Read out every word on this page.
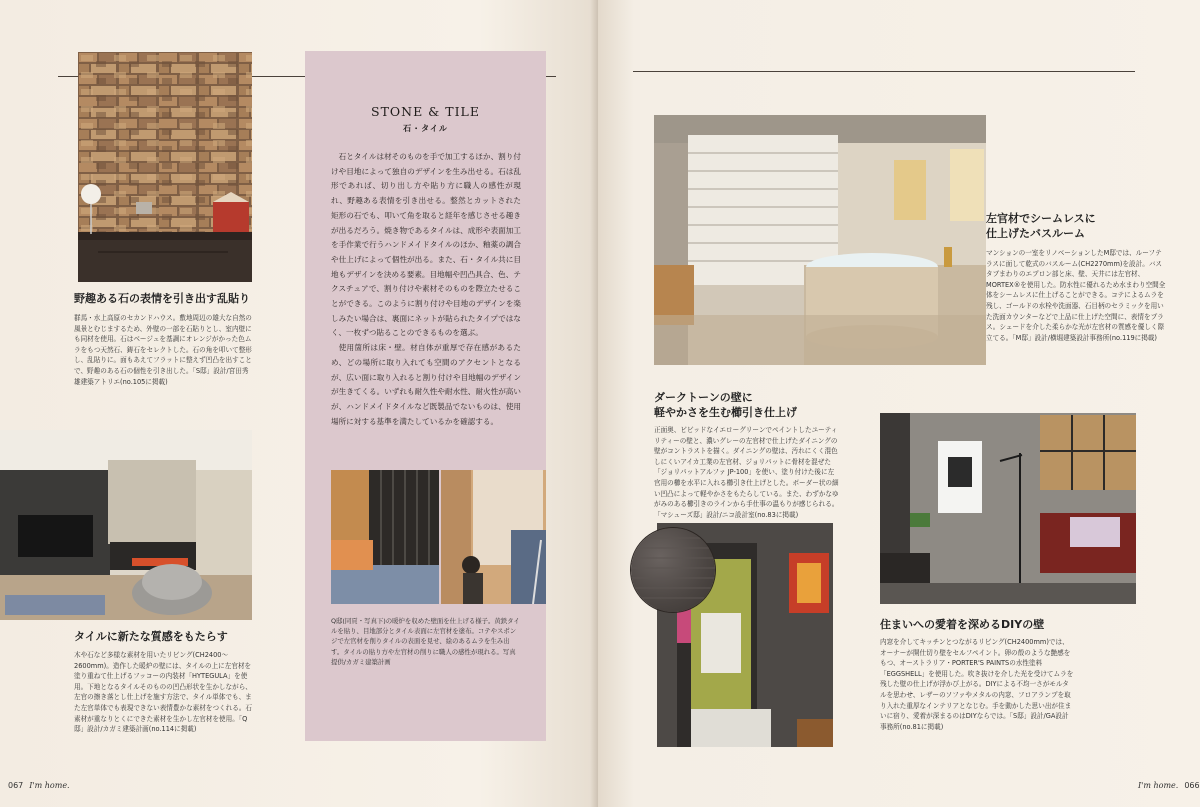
野趣ある石の表情を引き出す乱貼り
群馬・水上高原のセカンドハウス。敷地周辺の雄大な自然の風景とむじまするため、外壁の一部を石貼りとし、室内壁にも同材を使用。石はベージュを基調にオレンジがかった色ムラをもつ天然石、鋳石をセレクトした。石の角を叩いて整形し、乱貼りに。面もあえてフラットに整えず凹凸を出すことで、野趣のある石の個性を引き出した。「S邸」設計/宮田秀雄建築アトリエ(no.105に掲載)
タイルに新たな質感をもたらす
木や石など多様な素材を用いたリビング(CH2400〜2600mm)。造作した暖炉の壁には、タイルの上に左官材を塗り重ねて仕上げるフッコーの内装材「HYTEGULA」を使用。下地となるタイルそのものの凹凸形状を生かしながら、左官の擦き落とし仕上げを施す方法で、タイル単体でも、また左官単体でも表現できない表情豊かな素材をつくれる。石素材が重なりとくにできた素材を生かし左官材を使用。「Q邸」設計/カガミ建築計画(no.114に掲載)
STONE & TILE
石・タイル
石とタイルは材そのものを手で加工するほか、割り付けや目地によって独自のデザインを生み出せる。石は乱形であれば、切り出し方や貼り方に職人の感性が現れ、野趣ある表情を引き出せる。整然とカットされた矩形の石でも、叩いて角を取ると経年を感じさせる趣きが出るだろう。焼き物であるタイルは、成形や表面加工を手作業で行うハンドメイドタイルのほか、釉薬の調合や仕上げによって個性が出る。また、石・タイル共に目地もデザインを決める要素。目地幅や凹凸具合、色、テクスチュアで、割り付けや素材そのものを際立たせることができる。このように割り付けや目地のデザインを楽しみたい場合は、裏面にネットが貼られたタイプではなく、一枚ずつ貼ることのできるものを選ぶ。
使用箇所は床・壁。材自体が重厚で存在感があるため、どの場所に取り入れても空間のアクセントとなるが、広い面に取り入れると割り付けや目地幅のデザインが生きてくる。いずれも耐久性や耐水性、耐火性が高いが、ハンドメイドタイルなど既製品でないものは、使用場所に対する基準を満たしているかを確認する。
Q邸(同頁・写真下)の暖炉を収めた壁面を仕上げる様子。黄鉄タイルを貼り、目地部分とタイル表面に左官材を塗布。コテやスポンジで左官材を削りタイルの表面を見せ、絵のあるムラを生み出す。タイルの貼り方や左官材の削りに職人の感性が現れる。写真提供/カガミ建築計画
067 I'm home.
左官材でシームレスに
仕上げたバスルーム
マンションの一室をリノベーションしたM邸では、ルーフテラスに面して乾式のバスルーム(CH2270mm)を設計。バスタブまわりのエプロン部と床、壁、天井には左官材、MORTEX®を使用した。防水性に優れるため水まわり空間全体をシームレスに仕上げることができる。コテによるムラを残し、ゴールドの水栓や洗面器、石目柄のセラミックを用いた洗面カウンターなどで上品に仕上げた空間に、表情をプラス。シェードを介した柔らかな光が左官材の質感を優しく際立てる。「M邸」設計/横堀建築設計事務所(no.119に掲載)
ダークトーンの壁に
軽やかさを生む櫛引き仕上げ
正面奥、ビビッドなイエローグリーンでペイントしたユーティリティーの壁と、濃いグレーの左官材で仕上げたダイニングの壁がコントラストを描く。ダイニングの壁は、汚れにくく混色しにくいアイカ工業の左官材、ジョリパットに骨材を混ぜた「ジョリパットアルファ JP-100」を使い、塗り付けた後に左官用の櫛を水平に入れる櫛引き仕上げとした。ボーダー状の細い凹凸によって軽やかさをもたらしている。また、わずかなゆがみのある櫛引きのラインから手仕事の温もりが感じられる。「マシューズ邸」設計/ニコ設計室(no.83に掲載)
住まいへの愛着を深めるDIYの壁
内窓を介してキッチンとつながるリビング(CH2400mm)では、オーナーが開仕切り壁をセルフペイント。卵の殻のような艶感をもつ、オーストラリア・PORTER'S PAINTSの水性塗料「EGGSHELL」を使用した。吹き抜けを介した光を受けてムラを残した壁の仕上げが浮かび上がる。DIYによる不均一さがモルタルを思わせ、レザーのソファやメタルの内窓、フロアランプを取り入れた重厚なインテリアとなじむ。手を動かした思い出が住まいに宿り、愛着が深まるのはDIYならでは。「S邸」設計/GA設計事務所(no.81に掲載)
I'm home. 066
